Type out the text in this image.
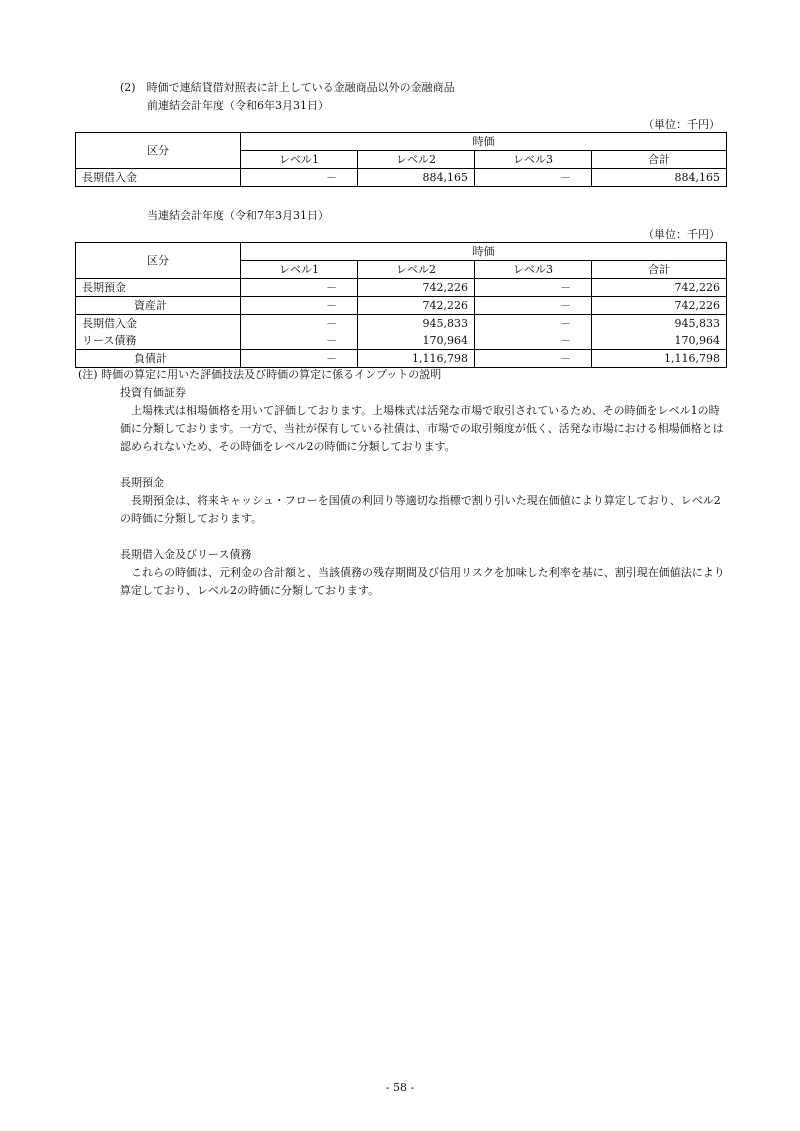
(2)　時価で連結貸借対照表に計上している金融商品以外の金融商品
前連結会計年度（令和6年3月31日）
（単位：千円）
区分	時価			
	レベル1	レベル2	レベル3	合計
長期借入金	－	884,165	－	884,165
当連結会計年度（令和7年3月31日）
（単位：千円）
区分	時価			
	レベル1	レベル2	レベル3	合計
長期預金	－	742,226	－	742,226
資産計	－	742,226	－	742,226
長期借入金	－	945,833	－	945,833
リース債務	－	170,964	－	170,964
負債計	－	1,116,798	－	1,116,798
(注) 時価の算定に用いた評価技法及び時価の算定に係るインプットの説明
投資有価証券
上場株式は相場価格を用いて評価しております。上場株式は活発な市場で取引されているため、その時価をレベル1の時価に分類しております。一方で、当社が保有している社債は、市場での取引頻度が低く、活発な市場における相場価格とは認められないため、その時価をレベル2の時価に分類しております。
長期預金
長期預金は、将来キャッシュ・フローを国債の利回り等適切な指標で割り引いた現在価値により算定しており、レベル2の時価に分類しております。
長期借入金及びリース債務
これらの時価は、元利金の合計額と、当該債務の残存期間及び信用リスクを加味した利率を基に、割引現在価値法により算定しており、レベル2の時価に分類しております。
- 58 -
